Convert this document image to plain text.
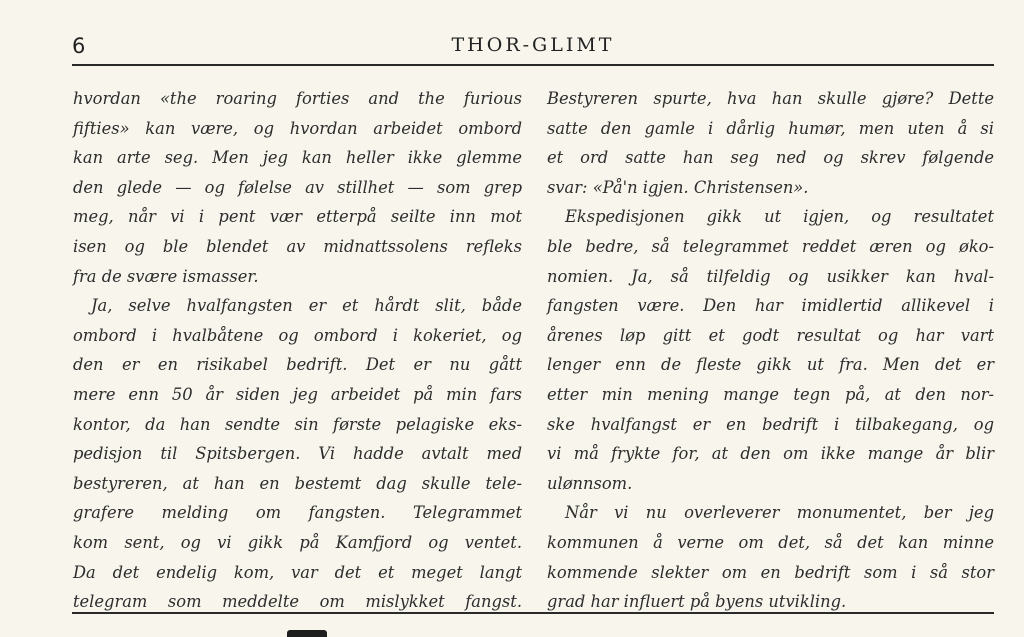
6	THOR-GLIMT
hvordan «the roaring forties and the furious
fifties» kan være, og hvordan arbeidet ombord
kan arte seg. Men jeg kan heller ikke glemme
den glede — og følelse av stillhet — som grep
meg, når vi i pent vær etterpå seilte inn mot
isen og ble blendet av midnattssolens refleks
fra de svære ismasser.
Ja, selve hvalfangsten er et hårdt slit, både
ombord i hvalbåtene og ombord i kokeriet, og
den er en risikabel bedrift. Det er nu gått
mere enn 50 år siden jeg arbeidet på min fars
kontor, da han sendte sin første pelagiske eks-
pedisjon til Spitsbergen. Vi hadde avtalt med
bestyreren, at han en bestemt dag skulle tele-
grafere melding om fangsten. Telegrammet
kom sent, og vi gikk på Kamfjord og ventet.
Da det endelig kom, var det et meget langt
telegram som meddelte om mislykket fangst.
Bestyreren spurte, hva han skulle gjøre? Dette
satte den gamle i dårlig humør, men uten å si
et ord satte han seg ned og skrev følgende
svar: «På'n igjen. Christensen».
Ekspedisjonen gikk ut igjen, og resultatet
ble bedre, så telegrammet reddet æren og øko-
nomien. Ja, så tilfeldig og usikker kan hval-
fangsten være. Den har imidlertid allikevel i
årenes løp gitt et godt resultat og har vart
lenger enn de fleste gikk ut fra. Men det er
etter min mening mange tegn på, at den nor-
ske hvalfangst er en bedrift i tilbakegang, og
vi må frykte for, at den om ikke mange år blir
ulønnsom.
Når vi nu overleverer monumentet, ber jeg
kommunen å verne om det, så det kan minne
kommende slekter om en bedrift som i så stor
grad har influert på byens utvikling.
